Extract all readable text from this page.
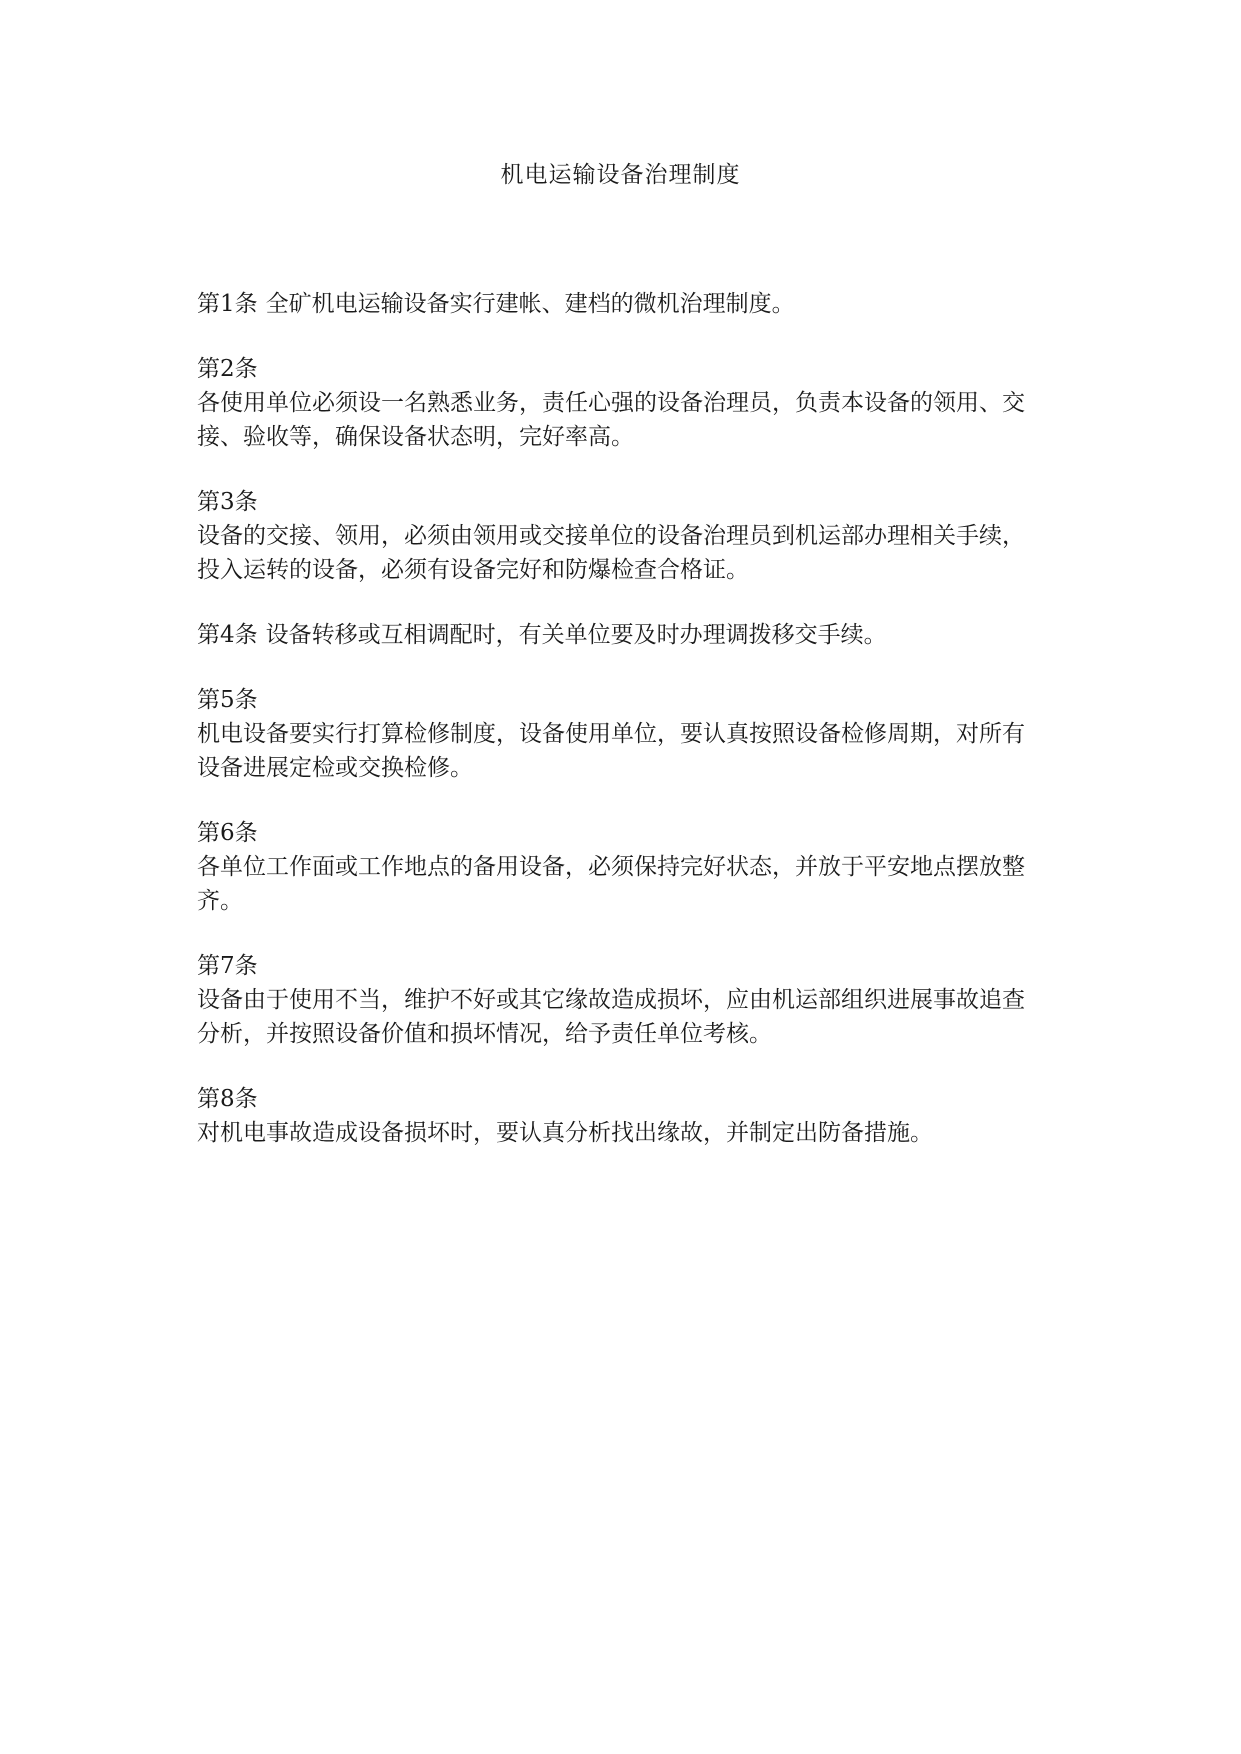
机电运输设备治理制度
第1条 全矿机电运输设备实行建帐、建档的微机治理制度。
第2条
各使用单位必须设一名熟悉业务，责任心强的设备治理员，负责本设备的领用、交接、验收等，确保设备状态明，完好率高。
第3条
设备的交接、领用，必须由领用或交接单位的设备治理员到机运部办理相关手续，投入运转的设备，必须有设备完好和防爆检查合格证。
第4条 设备转移或互相调配时，有关单位要及时办理调拨移交手续。
第5条
机电设备要实行打算检修制度，设备使用单位，要认真按照设备检修周期，对所有设备进展定检或交换检修。
第6条
各单位工作面或工作地点的备用设备，必须保持完好状态，并放于平安地点摆放整齐。
第7条
设备由于使用不当，维护不好或其它缘故造成损坏，应由机运部组织进展事故追查分析，并按照设备价值和损坏情况，给予责任单位考核。
第8条
对机电事故造成设备损坏时，要认真分析找出缘故，并制定出防备措施。
